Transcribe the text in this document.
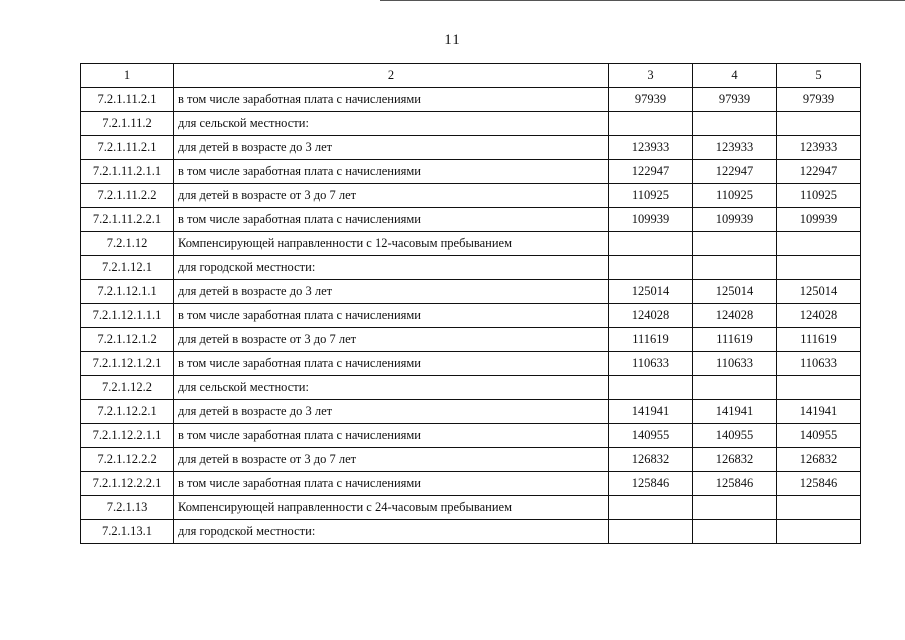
11
1	2	3	4	5
7.2.1.11.2.1	в том числе заработная плата с начислениями	97939	97939	97939
7.2.1.11.2	для сельской местности:			
7.2.1.11.2.1	для детей в возрасте до 3 лет	123933	123933	123933
7.2.1.11.2.1.1	в том числе заработная плата с начислениями	122947	122947	122947
7.2.1.11.2.2	для детей в возрасте от 3 до 7 лет	110925	110925	110925
7.2.1.11.2.2.1	в том числе заработная плата с начислениями	109939	109939	109939
7.2.1.12	Компенсирующей направленности с 12-часовым пребыванием			
7.2.1.12.1	для городской местности:			
7.2.1.12.1.1	для детей в возрасте до 3 лет	125014	125014	125014
7.2.1.12.1.1.1	в том числе заработная плата с начислениями	124028	124028	124028
7.2.1.12.1.2	для детей в возрасте от 3 до 7 лет	111619	111619	111619
7.2.1.12.1.2.1	в том числе заработная плата с начислениями	110633	110633	110633
7.2.1.12.2	для сельской местности:			
7.2.1.12.2.1	для детей в возрасте до 3 лет	141941	141941	141941
7.2.1.12.2.1.1	в том числе заработная плата с начислениями	140955	140955	140955
7.2.1.12.2.2	для детей в возрасте от 3 до 7 лет	126832	126832	126832
7.2.1.12.2.2.1	в том числе заработная плата с начислениями	125846	125846	125846
7.2.1.13	Компенсирующей направленности с 24-часовым пребыванием			
7.2.1.13.1	для городской местности:			
